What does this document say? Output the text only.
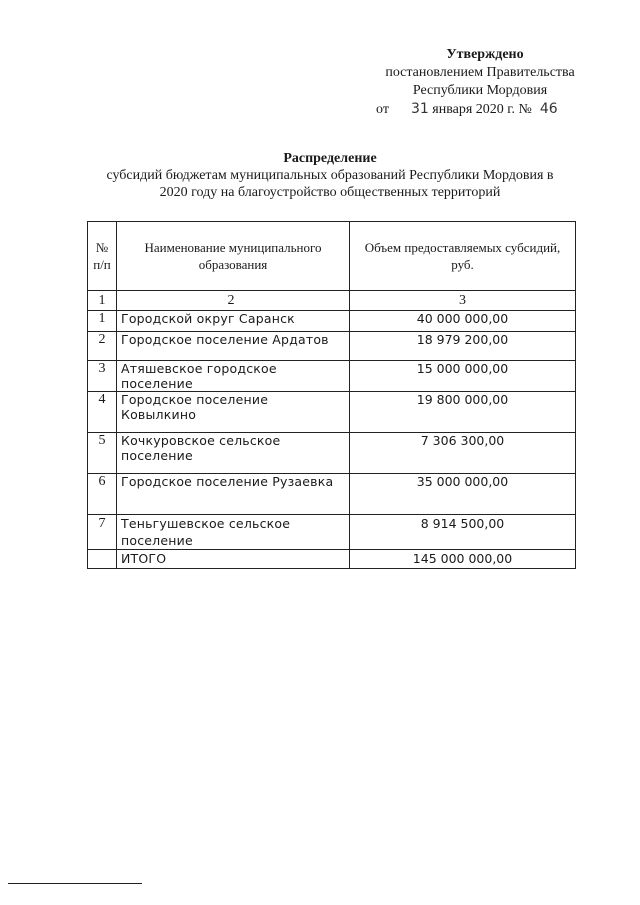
Утверждено
постановлением Правительства
Республики Мордовия
от 31 января 2020 г. № 46
Распределение
субсидий бюджетам муниципальных образований Республики Мордовия в
2020 году на благоустройство общественных территорий
№ п/п	Наименование муниципального образования	Объем предоставляемых субсидий, руб.
1	2	3
1	Городской округ Саранск	40 000 000,00
2	Городское поселение Ардатов	18 979 200,00
3	Атяшевское городское поселение	15 000 000,00
4	Городское поселение Ковылкино	19 800 000,00
5	Кочкуровское сельское поселение	7 306 300,00
6	Городское поселение Рузаевка	35 000 000,00
7	Теньгушевское сельское поселение	8 914 500,00
	ИТОГО	145 000 000,00
